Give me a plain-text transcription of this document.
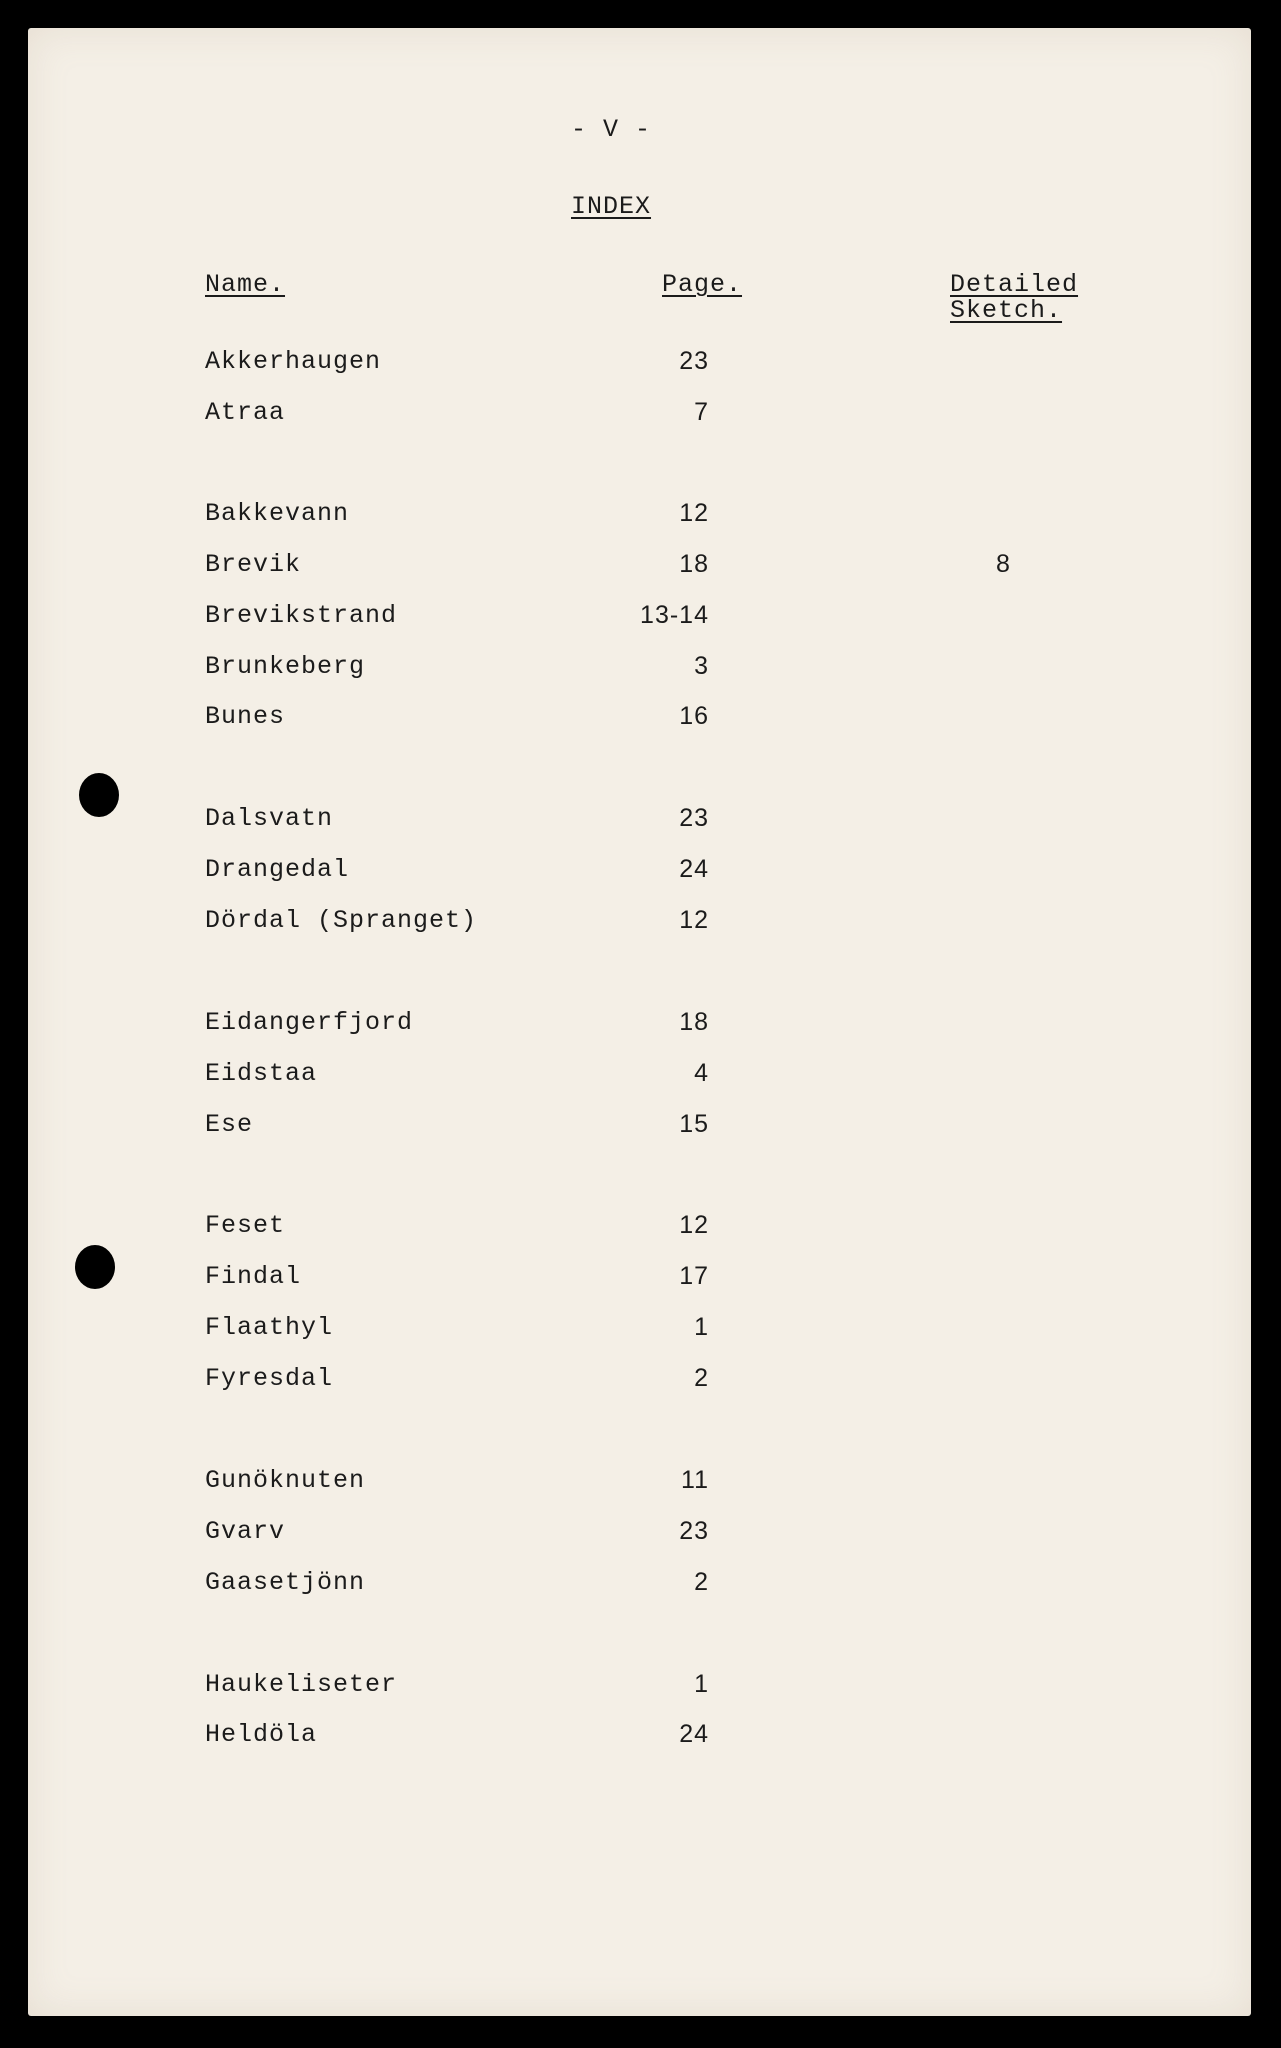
- V -
INDEX
Name.	Page.	Detailed
Sketch.
Akkerhaugen	23
Atraa	7
Bakkevann	12
Brevik	18	8
Brevikstrand	13-14
Brunkeberg	3
Bunes	16
Dalsvatn	23
Drangedal	24
Dördal (Spranget)	12
Eidangerfjord	18
Eidstaa	4
Ese	15
Feset	12
Findal	17
Flaathyl	1
Fyresdal	2
Gunöknuten	11
Gvarv	23
Gaasetjönn	2
Haukeliseter	1
Heldöla	24
